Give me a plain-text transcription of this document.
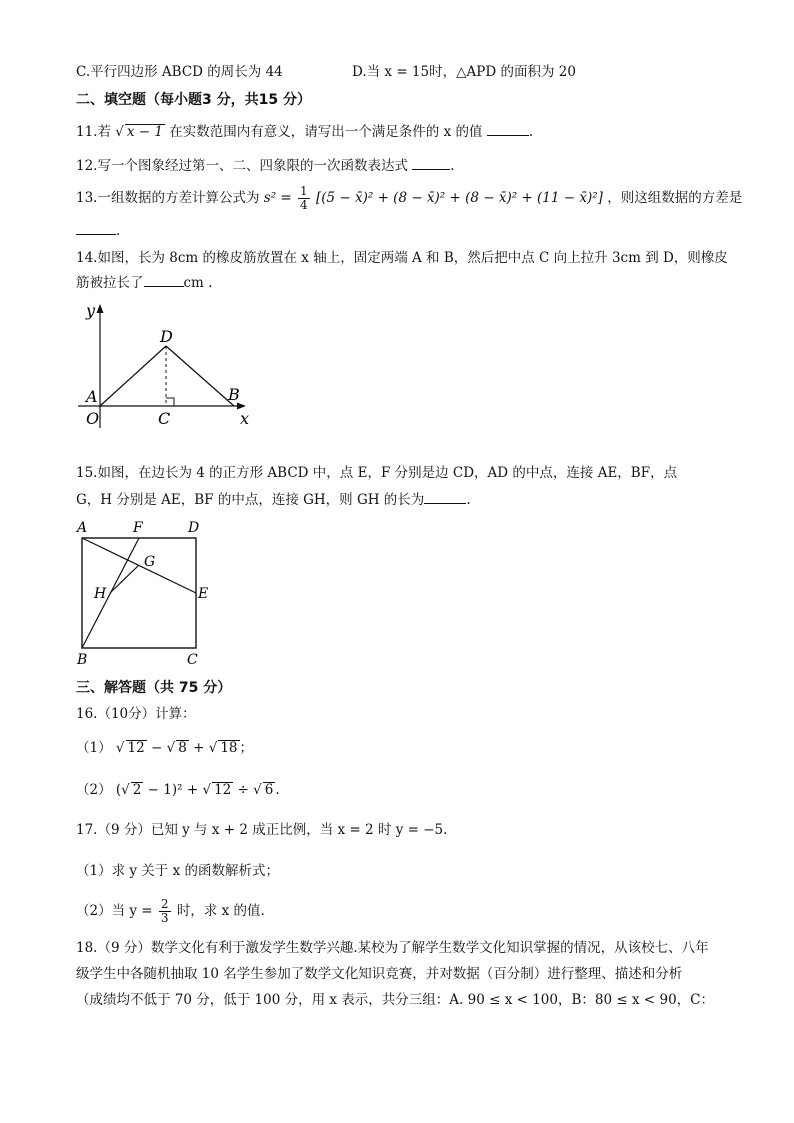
C.平行四边形 ABCD 的周长为 44	D.当 x = 15时，△APD 的面积为 20
二、填空题（每小题3 分，共15 分）
11.若 √ x − 1 在实数范围内有意义，请写出一个满足条件的 x 的值	.
12.写一个图象经过第一、二、四象限的一次函数表达式	.
13.一组数据的方差计算公式为 $s^2 = \frac{1}{4} [(5$ − x̄)² + (8 − x̄)² + (8 − x̄)² + (11 − x̄)²] ，则这组数据的方差是
.
14.如图，长为 8cm 的橡皮筋放置在 x 轴上，固定两端 A 和 B，然后把中点 C 向上拉升 3cm 到 D，则橡皮
筋被拉长了	cm .
y
D
A
O	C
B
x
15.如图，在边长为 4 的正方形 ABCD 中，点 E，F 分别是边 CD，AD 的中点，连接 AE，BF，点
G，H 分别是 AE，BF 的中点，连接 GH，则 GH 的长为	.
A	F	D
G
H	E
B	C
三、解答题（共 75 分）
16.（10分）计算：
（1） √ 12 − √ 8 + √ 18 ；
（2） (√ 2 − 1)² + √ 12 ÷ √ 6 .
17.（9 分）已知 y 与 x + 2 成正比例，当 x = 2 时 y = −5.
（1）求 y 关于 x 的函数解析式；
（2）当 $y = \frac{2}{3}$ 时，求 x 的值.
18.（9 分）数学文化有利于激发学生数学兴趣.某校为了解学生数学文化知识掌握的情况，从该校七、八年
级学生中各随机抽取 10 名学生参加了数学文化知识竞赛，并对数据（百分制）进行整理、描述和分析
（成绩均不低于 70 分，低于 100 分，用 x 表示，共分三组：A. 90 ≤ x < 100，B：80 ≤ x < 90，C：
